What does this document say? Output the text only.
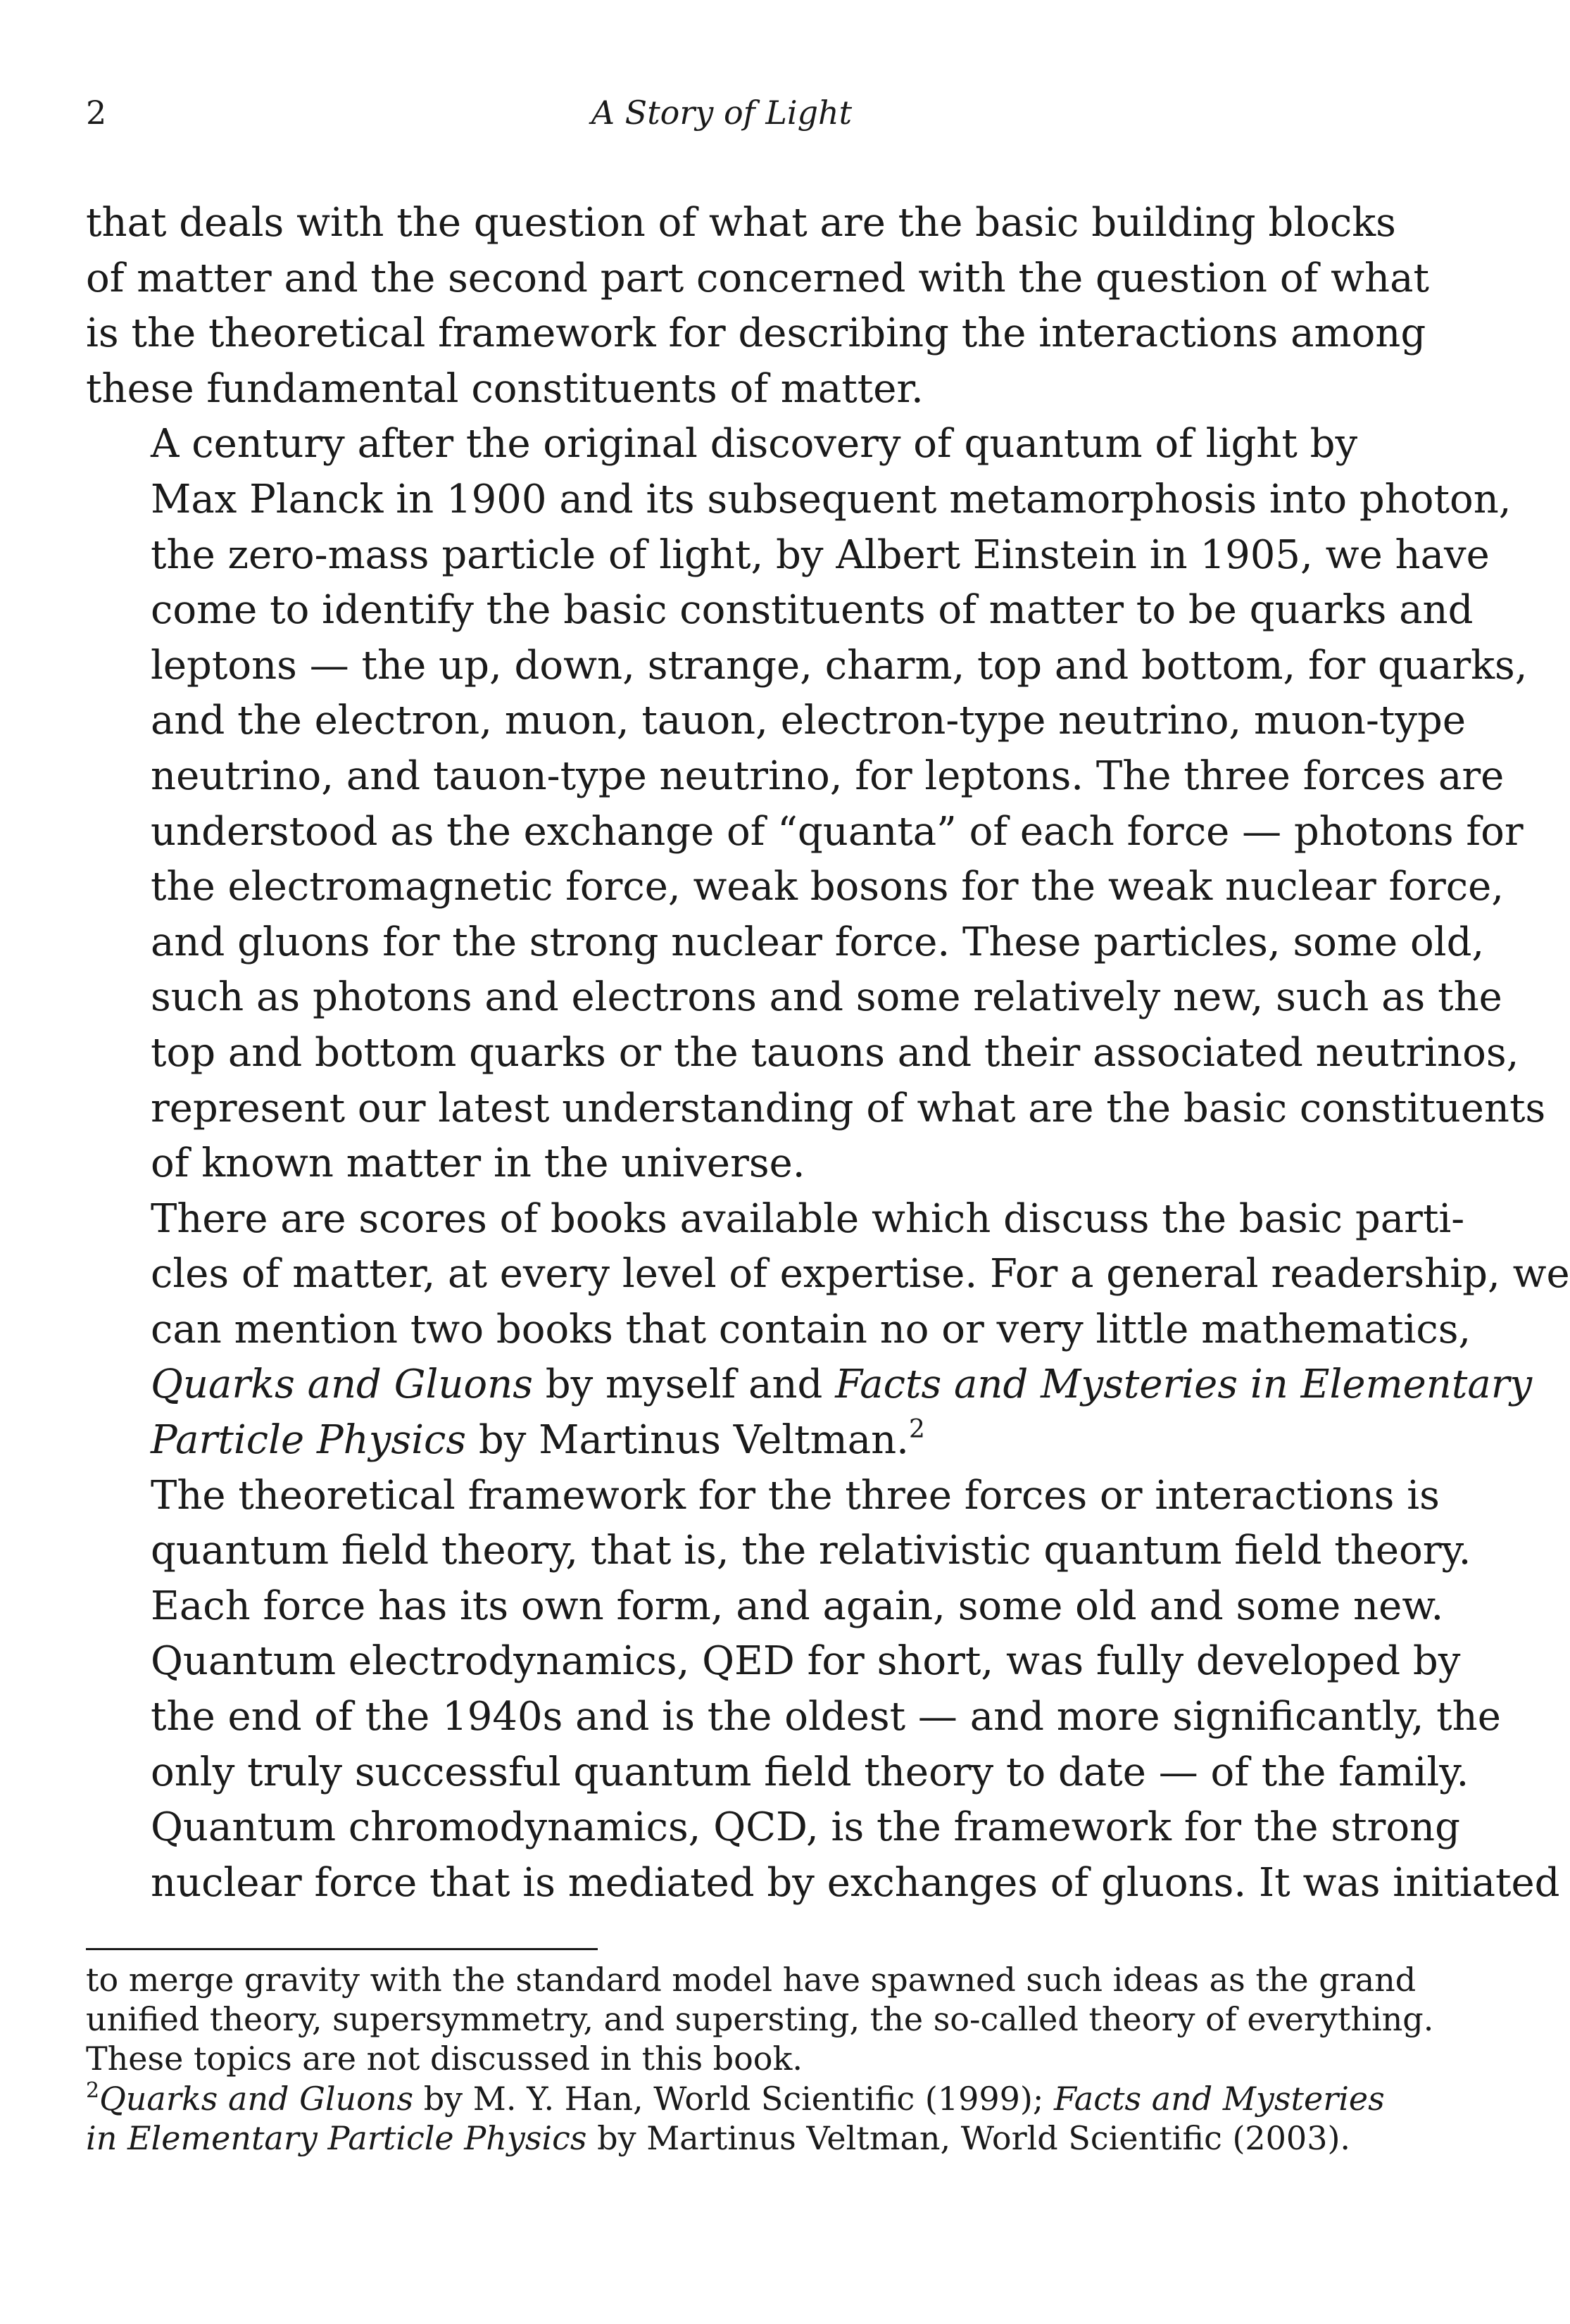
2	A Story of Light

that deals with the question of what are the basic building blocks
of matter and the second part concerned with the question of what
is the theoretical framework for describing the interactions among
these fundamental constituents of matter.

A century after the original discovery of quantum of light by
Max Planck in 1900 and its subsequent metamorphosis into photon,
the zero-mass particle of light, by Albert Einstein in 1905, we have
come to identify the basic constituents of matter to be quarks and
leptons — the up, down, strange, charm, top and bottom, for quarks,
and the electron, muon, tauon, electron-type neutrino, muon-type
neutrino, and tauon-type neutrino, for leptons. The three forces are
understood as the exchange of “quanta” of each force — photons for
the electromagnetic force, weak bosons for the weak nuclear force,
and gluons for the strong nuclear force. These particles, some old,
such as photons and electrons and some relatively new, such as the
top and bottom quarks or the tauons and their associated neutrinos,
represent our latest understanding of what are the basic constituents
of known matter in the universe.

There are scores of books available which discuss the basic parti-
cles of matter, at every level of expertise. For a general readership, we
can mention two books that contain no or very little mathematics,
Quarks and Gluons by myself and Facts and Mysteries in Elementary
Particle Physics by Martinus Veltman.$^2$

The theoretical framework for the three forces or interactions is
quantum field theory, that is, the relativistic quantum field theory.
Each force has its own form, and again, some old and some new.
Quantum electrodynamics, QED for short, was fully developed by
the end of the 1940s and is the oldest — and more significantly, the
only truly successful quantum field theory to date — of the family.
Quantum chromodynamics, QCD, is the framework for the strong
nuclear force that is mediated by exchanges of gluons. It was initiated

to merge gravity with the standard model have spawned such ideas as the grand
unified theory, supersymmetry, and supersting, the so-called theory of everything.
These topics are not discussed in this book.
$^2$Quarks and Gluons by M. Y. Han, World Scientific (1999); Facts and Mysteries
in Elementary Particle Physics by Martinus Veltman, World Scientific (2003).
